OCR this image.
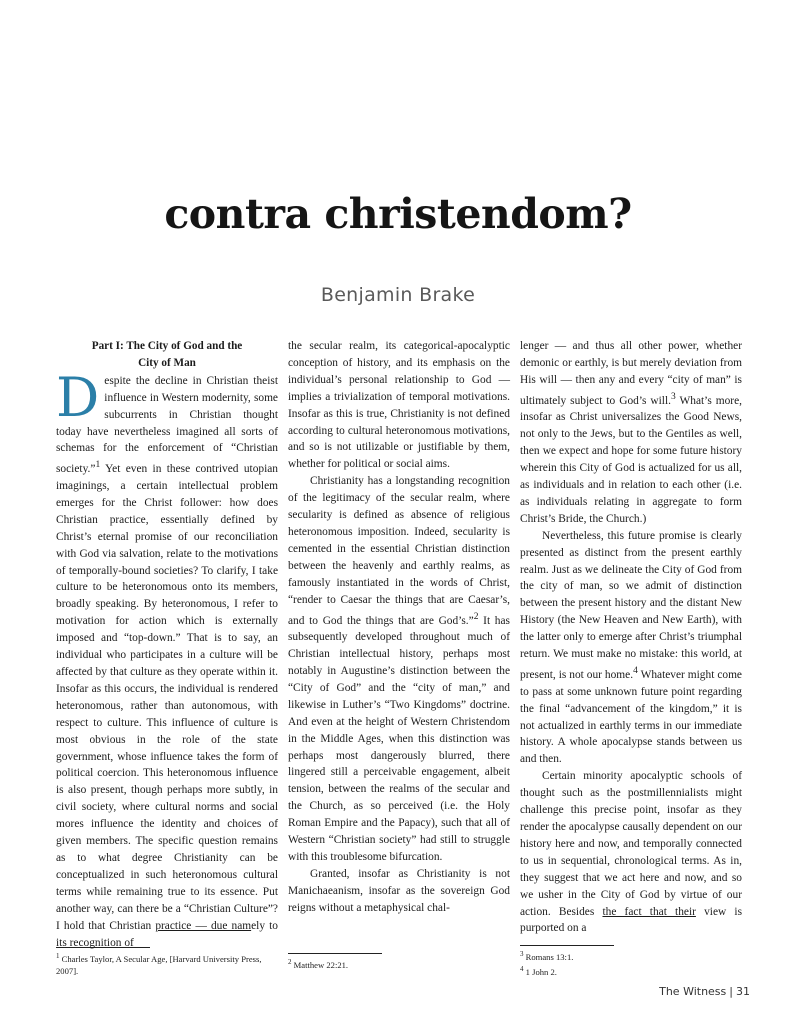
contra christendom?
Benjamin Brake
Part I: The City of God and the
City of Man

Despite the decline in Christian theist influence in Western modernity, some subcurrents in Christian thought today have nevertheless imagined all sorts of schemas for the enforcement of “Christian society.”$^1$ Yet even in these contrived utopian imaginings, a certain intellectual problem emerges for the Christ follower: how does Christian practice, essentially defined by Christ’s eternal promise of our reconciliation with God via salvation, relate to the motivations of temporally-bound societies? To clarify, I take culture to be heteronomous onto its members, broadly speaking. By heteronomous, I refer to motivation for action which is externally imposed and “top-down.” That is to say, an individual who participates in a culture will be affected by that culture as they operate within it. Insofar as this occurs, the individual is rendered heteronomous, rather than autonomous, with respect to culture. This influence of culture is most obvious in the role of the state government, whose influence takes the form of political coercion. This heteronomous influence is also present, though perhaps more subtly, in civil society, where cultural norms and social mores influence the identity and choices of given members. The specific question remains as to what degree Christianity can be conceptualized in such heteronomous cultural terms while remaining true to its essence. Put another way, can there be a “Christian Culture”? I hold that Christian practice — due namely to its recognition of

the secular realm, its categorical-apocalyptic conception of history, and its emphasis on the individual’s personal relationship to God — implies a trivialization of temporal motivations. Insofar as this is true, Christianity is not defined according to cultural heteronomous motivations, and so is not utilizable or justifiable by them, whether for political or social aims.

Christianity has a longstanding recognition of the legitimacy of the secular realm, where secularity is defined as absence of religious heteronomous imposition. Indeed, secularity is cemented in the essential Christian distinction between the heavenly and earthly realms, as famously instantiated in the words of Christ, “render to Caesar the things that are Caesar’s, and to God the things that are God’s.”$^2$ It has subsequently developed throughout much of Christian intellectual history, perhaps most notably in Augustine’s distinction between the “City of God” and the “city of man,” and likewise in Luther’s “Two Kingdoms” doctrine. And even at the height of Western Christendom in the Middle Ages, when this distinction was perhaps most dangerously blurred, there lingered still a perceivable engagement, albeit tension, between the realms of the secular and the Church, as so perceived (i.e. the Holy Roman Empire and the Papacy), such that all of Western “Christian society” had still to struggle with this troublesome bifurcation.

Granted, insofar as Christianity is not Manichaeanism, insofar as the sovereign God reigns without a metaphysical chal-

lenger — and thus all other power, whether demonic or earthly, is but merely deviation from His will — then any and every “city of man” is ultimately subject to God’s will.$^3$ What’s more, insofar as Christ universalizes the Good News, not only to the Jews, but to the Gentiles as well, then we expect and hope for some future history wherein this City of God is actualized for us all, as individuals and in relation to each other (i.e. as individuals relating in aggregate to form Christ’s Bride, the Church.)

Nevertheless, this future promise is clearly presented as distinct from the present earthly realm. Just as we delineate the City of God from the city of man, so we admit of distinction between the present history and the distant New History (the New Heaven and New Earth), with the latter only to emerge after Christ’s triumphal return. We must make no mistake: this world, at present, is not our home.$^4$ Whatever might come to pass at some unknown future point regarding the final “advancement of the kingdom,” it is not actualized in earthly terms in our immediate history. A whole apocalypse stands between us and then.

Certain minority apocalyptic schools of thought such as the postmillennialists might challenge this precise point, insofar as they render the apocalypse causally dependent on our history here and now, and temporally connected to us in sequential, chronological terms. As in, they suggest that we act here and now, and so we usher in the City of God by virtue of our action. Besides the fact that their view is purported on a

$^1$ Charles Taylor, A Secular Age, [Harvard University Press, 2007].
$^2$ Matthew 22:21.
$^3$ Romans 13:1.
$^4$ 1 John 2.
The Witness | 31
